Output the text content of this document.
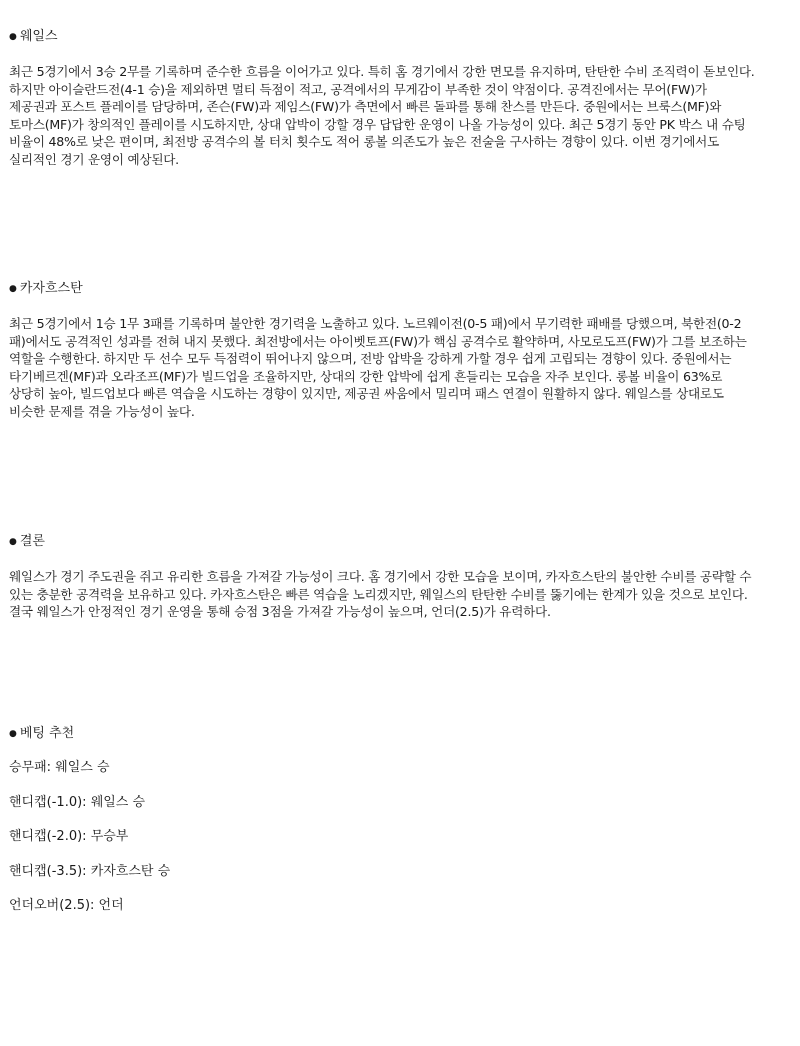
● 웨일스

최근 5경기에서 3승 2무를 기록하며 준수한 흐름을 이어가고 있다. 특히 홈 경기에서 강한 면모를 유지하며, 탄탄한 수비 조직력이 돋보인다. 하지만 아이슬란드전(4-1 승)을 제외하면 멀티 득점이 적고, 공격에서의 무게감이 부족한 것이 약점이다. 공격진에서는 무어(FW)가 제공권과 포스트 플레이를 담당하며, 존슨(FW)과 제임스(FW)가 측면에서 빠른 돌파를 통해 찬스를 만든다. 중원에서는 브룩스(MF)와 토마스(MF)가 창의적인 플레이를 시도하지만, 상대 압박이 강할 경우 답답한 운영이 나올 가능성이 있다. 최근 5경기 동안 PK 박스 내 슈팅 비율이 48%로 낮은 편이며, 최전방 공격수의 볼 터치 횟수도 적어 롱볼 의존도가 높은 전술을 구사하는 경향이 있다. 이번 경기에서도 실리적인 경기 운영이 예상된다.

● 카자흐스탄

최근 5경기에서 1승 1무 3패를 기록하며 불안한 경기력을 노출하고 있다. 노르웨이전(0-5 패)에서 무기력한 패배를 당했으며, 북한전(0-2 패)에서도 공격적인 성과를 전혀 내지 못했다. 최전방에서는 아이벳토프(FW)가 핵심 공격수로 활약하며, 사모로도프(FW)가 그를 보조하는 역할을 수행한다. 하지만 두 선수 모두 득점력이 뛰어나지 않으며, 전방 압박을 강하게 가할 경우 쉽게 고립되는 경향이 있다. 중원에서는 타기베르겐(MF)과 오라조프(MF)가 빌드업을 조율하지만, 상대의 강한 압박에 쉽게 흔들리는 모습을 자주 보인다. 롱볼 비율이 63%로 상당히 높아, 빌드업보다 빠른 역습을 시도하는 경향이 있지만, 제공권 싸움에서 밀리며 패스 연결이 원활하지 않다. 웨일스를 상대로도 비슷한 문제를 겪을 가능성이 높다.

● 결론

웨일스가 경기 주도권을 쥐고 유리한 흐름을 가져갈 가능성이 크다. 홈 경기에서 강한 모습을 보이며, 카자흐스탄의 불안한 수비를 공략할 수 있는 충분한 공격력을 보유하고 있다. 카자흐스탄은 빠른 역습을 노리겠지만, 웨일스의 탄탄한 수비를 뚫기에는 한계가 있을 것으로 보인다. 결국 웨일스가 안정적인 경기 운영을 통해 승점 3점을 가져갈 가능성이 높으며, 언더(2.5)가 유력하다.

● 베팅 추천

승무패: 웨일스 승

핸디캡(-1.0): 웨일스 승

핸디캡(-2.0): 무승부

핸디캡(-3.5): 카자흐스탄 승

언더오버(2.5): 언더
